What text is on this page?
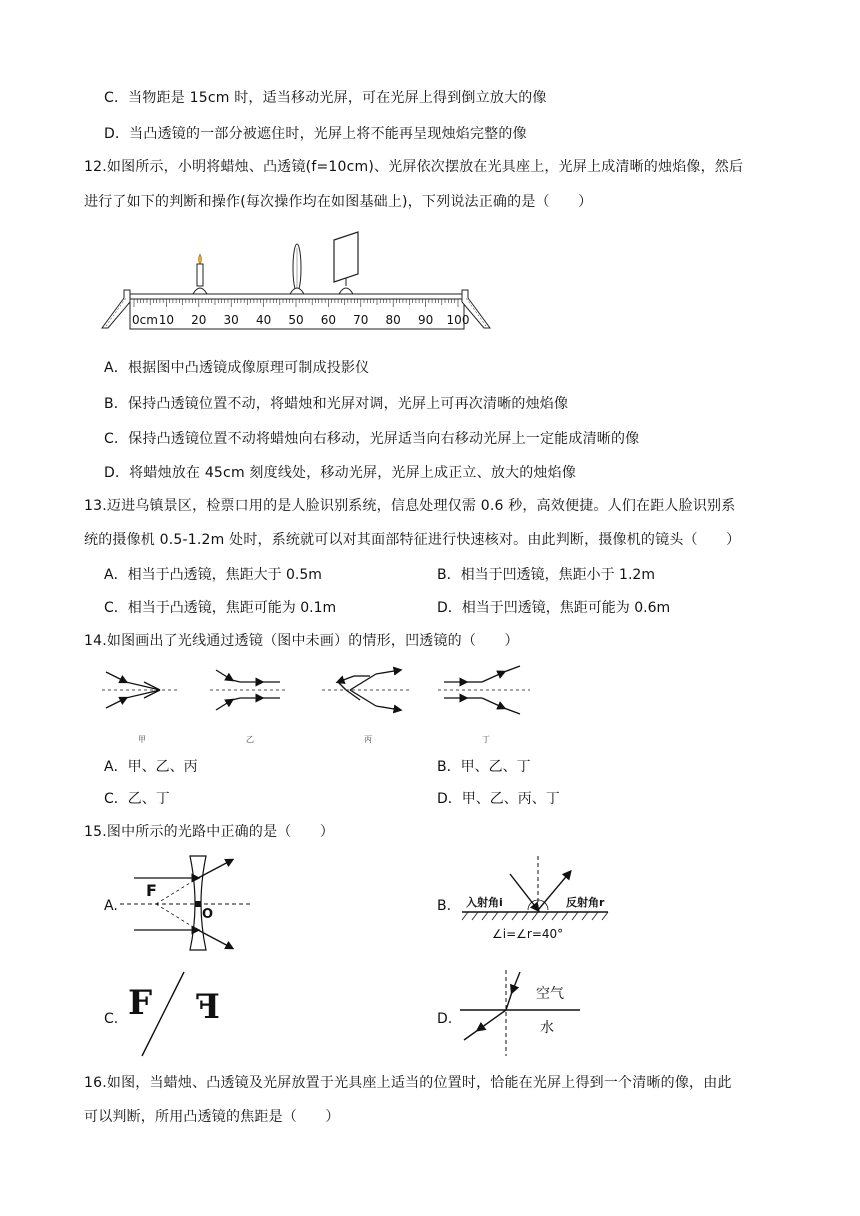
C．当物距是 15cm 时，适当移动光屏，可在光屏上得到倒立放大的像
D．当凸透镜的一部分被遮住时，光屏上将不能再呈现烛焰完整的像
12.如图所示，小明将蜡烛、凸透镜(f=10cm)、光屏依次摆放在光具座上，光屏上成清晰的烛焰像，然后
进行了如下的判断和操作(每次操作均在如图基础上)，下列说法正确的是（　　）
0cm 10 20 30 40 50 60 70 80 90 100
A．根据图中凸透镜成像原理可制成投影仪
B．保持凸透镜位置不动，将蜡烛和光屏对调，光屏上可再次清晰的烛焰像
C．保持凸透镜位置不动将蜡烛向右移动，光屏适当向右移动光屏上一定能成清晰的像
D．将蜡烛放在 45cm 刻度线处，移动光屏，光屏上成正立、放大的烛焰像
13.迈进乌镇景区，检票口用的是人脸识别系统，信息处理仅需 0.6 秒，高效便捷。人们在距人脸识别系
统的摄像机 0.5-1.2m 处时，系统就可以对其面部特征进行快速核对。由此判断，摄像机的镜头（　　）
A．相当于凸透镜，焦距大于 0.5m	B．相当于凹透镜，焦距小于 1.2m
C．相当于凸透镜，焦距可能为 0.1m	D．相当于凹透镜，焦距可能为 0.6m
14.如图画出了光线通过透镜（图中未画）的情形，凹透镜的（　　）
甲	乙	丙	丁
A．甲、乙、丙	B．甲、乙、丁
C．乙、丁	D．甲、乙、丙、丁
15.图中所示的光路中正确的是（　　）
A.
F
O
B. 入射角i	反射角r
∠i=∠r=40°
C. F F	D.
空气
水
16.如图，当蜡烛、凸透镜及光屏放置于光具座上适当的位置时，恰能在光屏上得到一个清晰的像，由此
可以判断，所用凸透镜的焦距是（　　）
